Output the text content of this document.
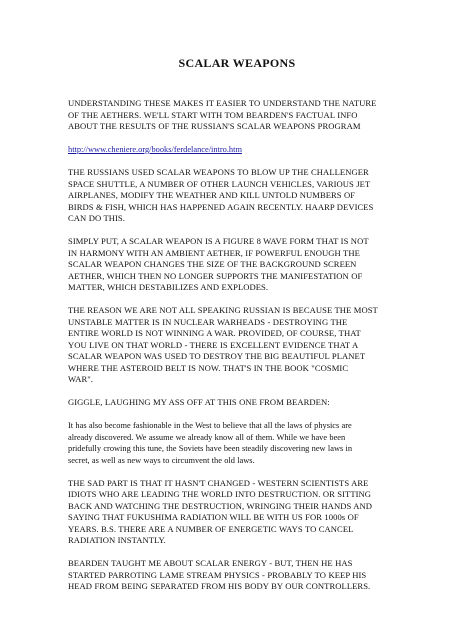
SCALAR WEAPONS

UNDERSTANDING THESE MAKES IT EASIER TO UNDERSTAND THE NATURE
OF THE AETHERS. WE'LL START WITH TOM BEARDEN'S FACTUAL INFO
ABOUT THE RESULTS OF THE RUSSIAN'S SCALAR WEAPONS PROGRAM

http://www.cheniere.org/books/ferdelance/intro.htm

THE RUSSIANS USED SCALAR WEAPONS TO BLOW UP THE CHALLENGER
SPACE SHUTTLE, A NUMBER OF OTHER LAUNCH VEHICLES, VARIOUS JET
AIRPLANES, MODIFY THE WEATHER AND KILL UNTOLD NUMBERS OF
BIRDS & FISH, WHICH HAS HAPPENED AGAIN RECENTLY. HAARP DEVICES
CAN DO THIS.

SIMPLY PUT, A SCALAR WEAPON IS A FIGURE 8 WAVE FORM THAT IS NOT
IN HARMONY WITH AN AMBIENT AETHER, IF POWERFUL ENOUGH THE
SCALAR WEAPON CHANGES THE SIZE OF THE BACKGROUND SCREEN
AETHER, WHICH THEN NO LONGER SUPPORTS THE MANIFESTATION OF
MATTER, WHICH DESTABILIZES AND EXPLODES.

THE REASON WE ARE NOT ALL SPEAKING RUSSIAN IS BECAUSE THE MOST
UNSTABLE MATTER IS IN NUCLEAR WARHEADS - DESTROYING THE
ENTIRE WORLD IS NOT WINNING A WAR. PROVIDED, OF COURSE, THAT
YOU LIVE ON THAT WORLD - THERE IS EXCELLENT EVIDENCE THAT A
SCALAR WEAPON WAS USED TO DESTROY THE BIG BEAUTIFUL PLANET
WHERE THE ASTEROID BELT IS NOW. THAT'S IN THE BOOK "COSMIC
WAR".

GIGGLE, LAUGHING MY ASS OFF AT THIS ONE FROM BEARDEN:

It has also become fashionable in the West to believe that all the laws of physics are
already discovered. We assume we already know all of them. While we have been
pridefully crowing this tune, the Soviets have been steadily discovering new laws in
secret, as well as new ways to circumvent the old laws.

THE SAD PART IS THAT IT HASN'T CHANGED - WESTERN SCIENTISTS ARE
IDIOTS WHO ARE LEADING THE WORLD INTO DESTRUCTION. OR SITTING
BACK AND WATCHING THE DESTRUCTION, WRINGING THEIR HANDS AND
SAYING THAT FUKUSHIMA RADIATION WILL BE WITH US FOR 1000s OF
YEARS. B.S. THERE ARE A NUMBER OF ENERGETIC WAYS TO CANCEL
RADIATION INSTANTLY.

BEARDEN TAUGHT ME ABOUT SCALAR ENERGY - BUT, THEN HE HAS
STARTED PARROTING LAME STREAM PHYSICS - PROBABLY TO KEEP HIS
HEAD FROM BEING SEPARATED FROM HIS BODY BY OUR CONTROLLERS.
